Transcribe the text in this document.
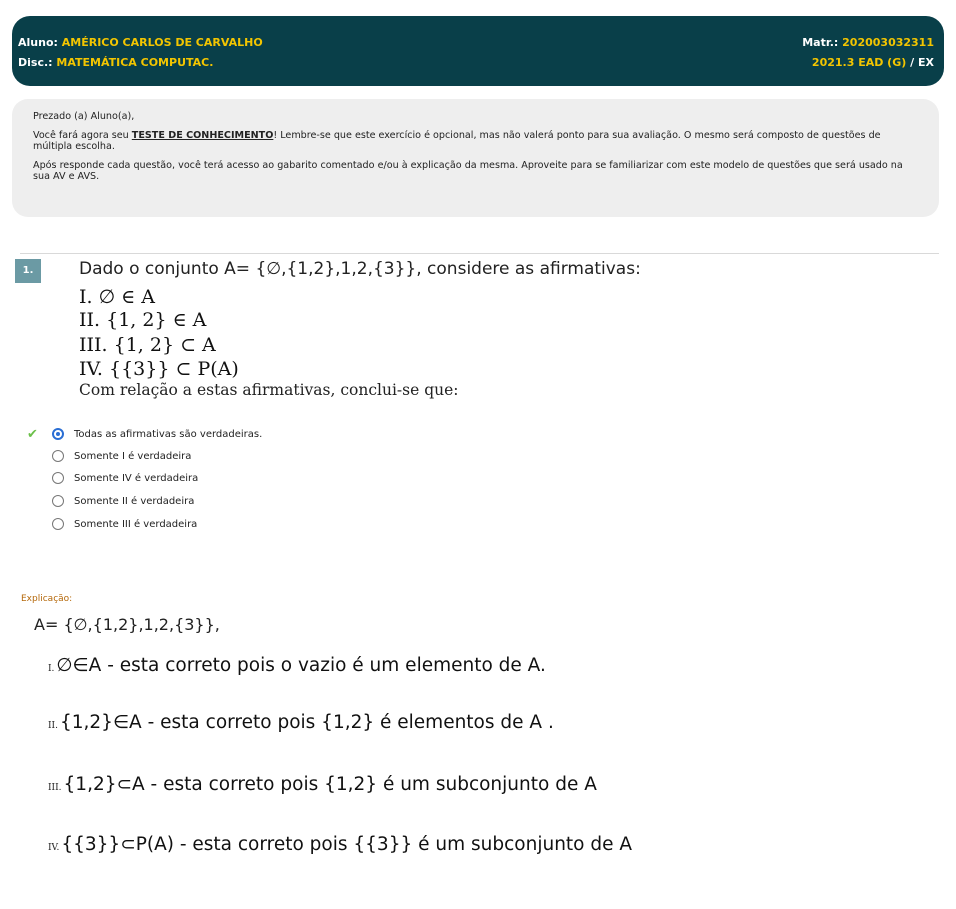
Aluno: AMÉRICO CARLOS DE CARVALHO
Disc.: MATEMÁTICA COMPUTAC.
Matr.: 202003032311
2021.3 EAD (G) / EX

Prezado (a) Aluno(a),

Você fará agora seu TESTE DE CONHECIMENTO! Lembre-se que este exercício é opcional, mas não valerá ponto para sua avaliação. O mesmo será composto de questões de múltipla escolha.

Após responde cada questão, você terá acesso ao gabarito comentado e/ou à explicação da mesma. Aproveite para se familiarizar com este modelo de questões que será usado na sua AV e AVS.

1.	Dado o conjunto A= {∅,{1,2},1,2,{3}}, considere as afirmativas:
I. ∅ ∈ A
II. {1, 2} ∈ A
III. {1, 2} ⊂ A
IV. {{3}} ⊂ P(A)
Com relação a estas afirmativas, conclui-se que:
✔	Todas as afirmativas são verdadeiras.
Somente I é verdadeira
Somente IV é verdadeira
Somente II é verdadeira
Somente III é verdadeira
Explicação:
A= {∅,{1,2},1,2,{3}},
I. ∅∈A - esta correto pois o vazio é um elemento de A.
II. {1,2}∈A - esta correto pois {1,2} é elementos de A .
III. {1,2}⊂A - esta correto pois {1,2} é um subconjunto de A
IV. {{3}}⊂P(A) - esta correto pois {{3}} é um subconjunto de A
